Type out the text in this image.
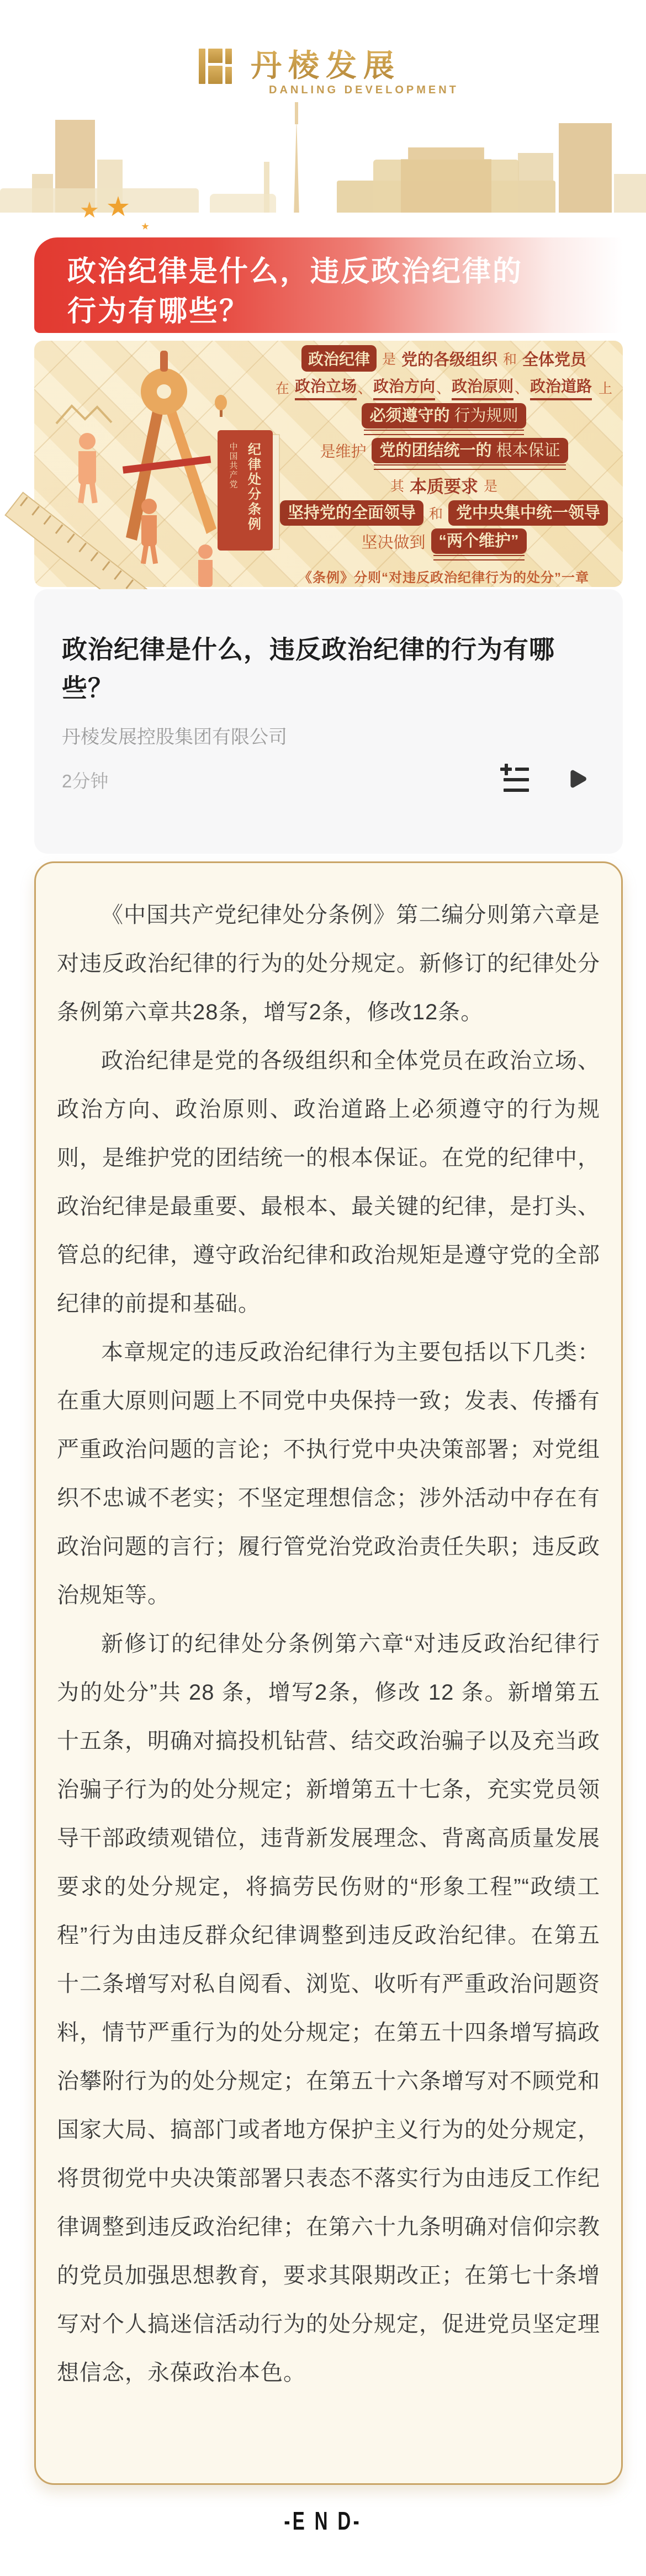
丹棱发展
DANLING DEVELOPMENT
政治纪律是什么，违反政治纪律的
行为有哪些？
中国共产党 纪律处分条例
政治纪律 是 党的各级组织 和 全体党员
在 政治立场 、 政治方向 、 政治原则 、 政治道路 上
必须遵守的 行为规则
是维护 党的团结统一的 根本保证
其 本质要求 是
坚持党的全面领导 和 党中央集中统一领导
坚决做到 “两个维护”
《条例》分则“对违反政治纪律行为的处分”一章
政治纪律是什么，违反政治纪律的行为有哪些？
丹棱发展控股集团有限公司
2分钟

《中国共产党纪律处分条例》第二编分则第六章是对违反政治纪律的行为的处分规定。新修订的纪律处分条例第六章共28条，增写2条，修改12条。

政治纪律是党的各级组织和全体党员在政治立场、政治方向、政治原则、政治道路上必须遵守的行为规则，是维护党的团结统一的根本保证。在党的纪律中，政治纪律是最重要、最根本、最关键的纪律，是打头、管总的纪律，遵守政治纪律和政治规矩是遵守党的全部纪律的前提和基础。

本章规定的违反政治纪律行为主要包括以下几类：在重大原则问题上不同党中央保持一致；发表、传播有严重政治问题的言论；不执行党中央决策部署；对党组织不忠诚不老实；不坚定理想信念；涉外活动中存在有政治问题的言行；履行管党治党政治责任失职；违反政治规矩等。

新修订的纪律处分条例第六章“对违反政治纪律行为的处分”共 28 条，增写2条，修改 12 条。新增第五十五条，明确对搞投机钻营、结交政治骗子以及充当政治骗子行为的处分规定；新增第五十七条，充实党员领导干部政绩观错位，违背新发展理念、背离高质量发展要求的处分规定，将搞劳民伤财的“形象工程”“政绩工程”行为由违反群众纪律调整到违反政治纪律。在第五十二条增写对私自阅看、浏览、收听有严重政治问题资料，情节严重行为的处分规定；在第五十四条增写搞政治攀附行为的处分规定；在第五十六条增写对不顾党和国家大局、搞部门或者地方保护主义行为的处分规定，将贯彻党中央决策部署只表态不落实行为由违反工作纪律调整到违反政治纪律；在第六十九条明确对信仰宗教的党员加强思想教育，要求其限期改正；在第七十条增写对个人搞迷信活动行为的处分规定，促进党员坚定理想信念，永葆政治本色。

-E N D-
